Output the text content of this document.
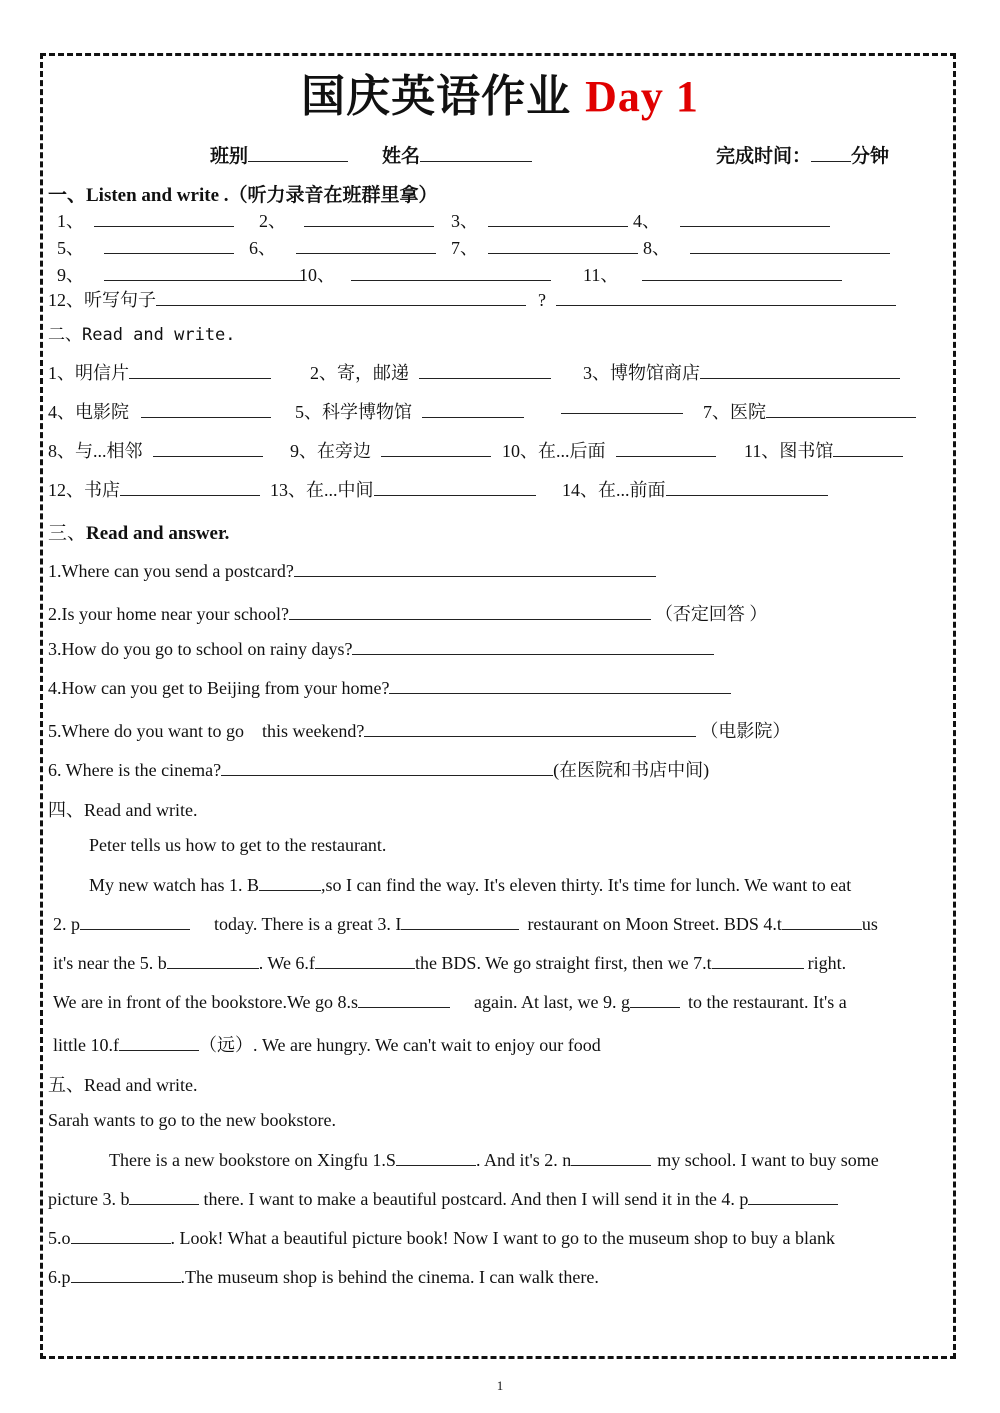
国庆英语作业 Day 1
班别	姓名	完成时间： 分钟
一、Listen and write .（听力录音在班群里拿）
1、	2、	3、	4、
5、	6、	7、	8、
9、	10、	11、
12、听写句子	?
二、Read and write.
1、明信片	2、寄，邮递	3、博物馆商店
4、电影院	5、科学博物馆	7、医院
8、与...相邻	9、在旁边	10、在...后面	11、图书馆
12、书店	13、在...中间	14、在...前面
三、Read and answer.
1.Where can you send a postcard?
2.Is your home near your school?	（否定回答 ）
3.How do you go to school on rainy days?
4.How can you get to Beijing from your home?
5.Where do you want to go    this weekend?	（电影院）
6. Where is the cinema?	(在医院和书店中间)
四、Read and write.
Peter tells us how to get to the restaurant.
My new watch has 1. B	,so I can find the way. It's eleven thirty. It's time for lunch. We want to eat
2. p	today. There is a great 3. I	restaurant on Moon Street. BDS 4.t	us
it's near the 5. b	. We 6.f	the BDS. We go straight first, then we 7.t	right.
We are in front of the bookstore.We go 8.s	again. At last, we 9. g	to the restaurant. It's a
little 10.f	（远）. We are hungry. We can't wait to enjoy our food
五、Read and write.
Sarah wants to go to the new bookstore.
There is a new bookstore on Xingfu 1.S	. And it's 2. n	my school. I want to buy some
picture 3. b	there. I want to make a beautiful postcard. And then I will send it in the 4. p
5.o	. Look! What a beautiful picture book! Now I want to go to the museum shop to buy a blank
6.p	.The museum shop is behind the cinema. I can walk there.
1
